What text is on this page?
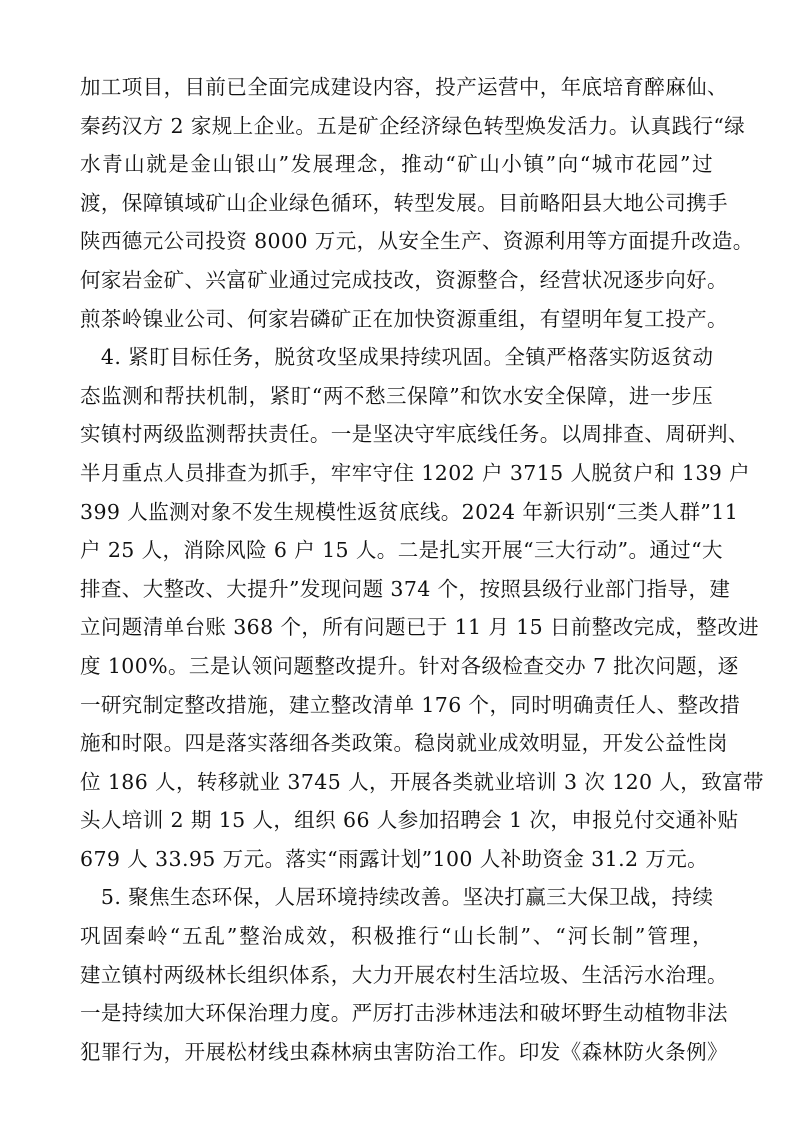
加工项目，目前已全面完成建设内容，投产运营中，年底培育醉麻仙、
秦药汉方 2 家规上企业。五是矿企经济绿色转型焕发活力。认真践行“绿
水青山就是金山银山”发展理念，推动“矿山小镇”向“城市花园”过
渡，保障镇域矿山企业绿色循环，转型发展。目前略阳县大地公司携手
陕西德元公司投资 8000 万元，从安全生产、资源利用等方面提升改造。
何家岩金矿、兴富矿业通过完成技改，资源整合，经营状况逐步向好。
煎茶岭镍业公司、何家岩磷矿正在加快资源重组，有望明年复工投产。
　4. 紧盯目标任务，脱贫攻坚成果持续巩固。全镇严格落实防返贫动
态监测和帮扶机制，紧盯“两不愁三保障”和饮水安全保障，进一步压
实镇村两级监测帮扶责任。一是坚决守牢底线任务。以周排查、周研判、
半月重点人员排查为抓手，牢牢守住 1202 户 3715 人脱贫户和 139 户
399 人监测对象不发生规模性返贫底线。2024 年新识别“三类人群”11
户 25 人，消除风险 6 户 15 人。二是扎实开展“三大行动”。通过“大
排查、大整改、大提升”发现问题 374 个，按照县级行业部门指导，建
立问题清单台账 368 个，所有问题已于 11 月 15 日前整改完成，整改进
度 100%。三是认领问题整改提升。针对各级检查交办 7 批次问题，逐
一研究制定整改措施，建立整改清单 176 个，同时明确责任人、整改措
施和时限。四是落实落细各类政策。稳岗就业成效明显，开发公益性岗
位 186 人，转移就业 3745 人，开展各类就业培训 3 次 120 人，致富带
头人培训 2 期 15 人，组织 66 人参加招聘会 1 次，申报兑付交通补贴
679 人 33.95 万元。落实“雨露计划”100 人补助资金 31.2 万元。
　5. 聚焦生态环保，人居环境持续改善。坚决打赢三大保卫战，持续
巩固秦岭“五乱”整治成效，积极推行“山长制”、“河长制”管理，
建立镇村两级林长组织体系，大力开展农村生活垃圾、生活污水治理。
一是持续加大环保治理力度。严厉打击涉林违法和破坏野生动植物非法
犯罪行为，开展松材线虫森林病虫害防治工作。印发《森林防火条例》
